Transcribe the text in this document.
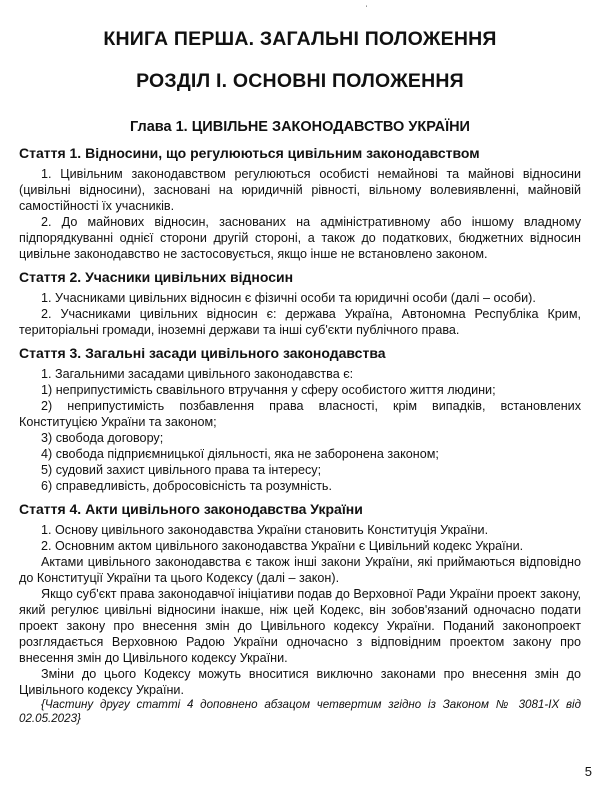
ˌ
КНИГА ПЕРША. ЗАГАЛЬНІ ПОЛОЖЕННЯ
РОЗДІЛ І. ОСНОВНІ ПОЛОЖЕННЯ
Глава 1. ЦИВІЛЬНЕ ЗАКОНОДАВСТВО УКРАЇНИ
Стаття 1. Відносини, що регулюються цивільним законодавством

1. Цивільним законодавством регулюються особисті немайнові та майнові відносини (цивільні відносини), засновані на юридичній рівності, вільному волевиявленні, майновій самостійності їх учасників.

2. До майнових відносин, заснованих на адміністративному або іншому владному підпорядкуванні однієї сторони другій стороні, а також до податкових, бюджетних відносин цивільне законодавство не застосовується, якщо інше не встановлено законом.

Стаття 2. Учасники цивільних відносин

1. Учасниками цивільних відносин є фізичні особи та юридичні особи (далі – особи).

2. Учасниками цивільних відносин є: держава Україна, Автономна Республіка Крим, територіальні громади, іноземні держави та інші суб'єкти публічного права.

Стаття 3. Загальні засади цивільного законодавства

1. Загальними засадами цивільного законодавства є:

1) неприпустимість свавільного втручання у сферу особистого життя людини;

2) неприпустимість позбавлення права власності, крім випадків, встановлених Конституцією України та законом;

3) свобода договору;

4) свобода підприємницької діяльності, яка не заборонена законом;

5) судовий захист цивільного права та інтересу;

6) справедливість, добросовісність та розумність.

Стаття 4. Акти цивільного законодавства України

1. Основу цивільного законодавства України становить Конституція України.

2. Основним актом цивільного законодавства України є Цивільний кодекс України.

Актами цивільного законодавства є також інші закони України, які приймаються відповідно до Конституції України та цього Кодексу (далі – закон).

Якщо суб'єкт права законодавчої ініціативи подав до Верховної Ради України проект закону, який регулює цивільні відносини інакше, ніж цей Кодекс, він зобов'язаний одночасно подати проект закону про внесення змін до Цивільного кодексу України. Поданий законопроект розглядається Верховною Радою України одночасно з відповідним проектом закону про внесення змін до Цивільного кодексу України.

Зміни до цього Кодексу можуть вноситися виключно законами про внесення змін до Цивільного кодексу України.

{Частину другу статті 4 доповнено абзацом четвертим згідно із Законом № 3081-IX від 02.05.2023}

5
